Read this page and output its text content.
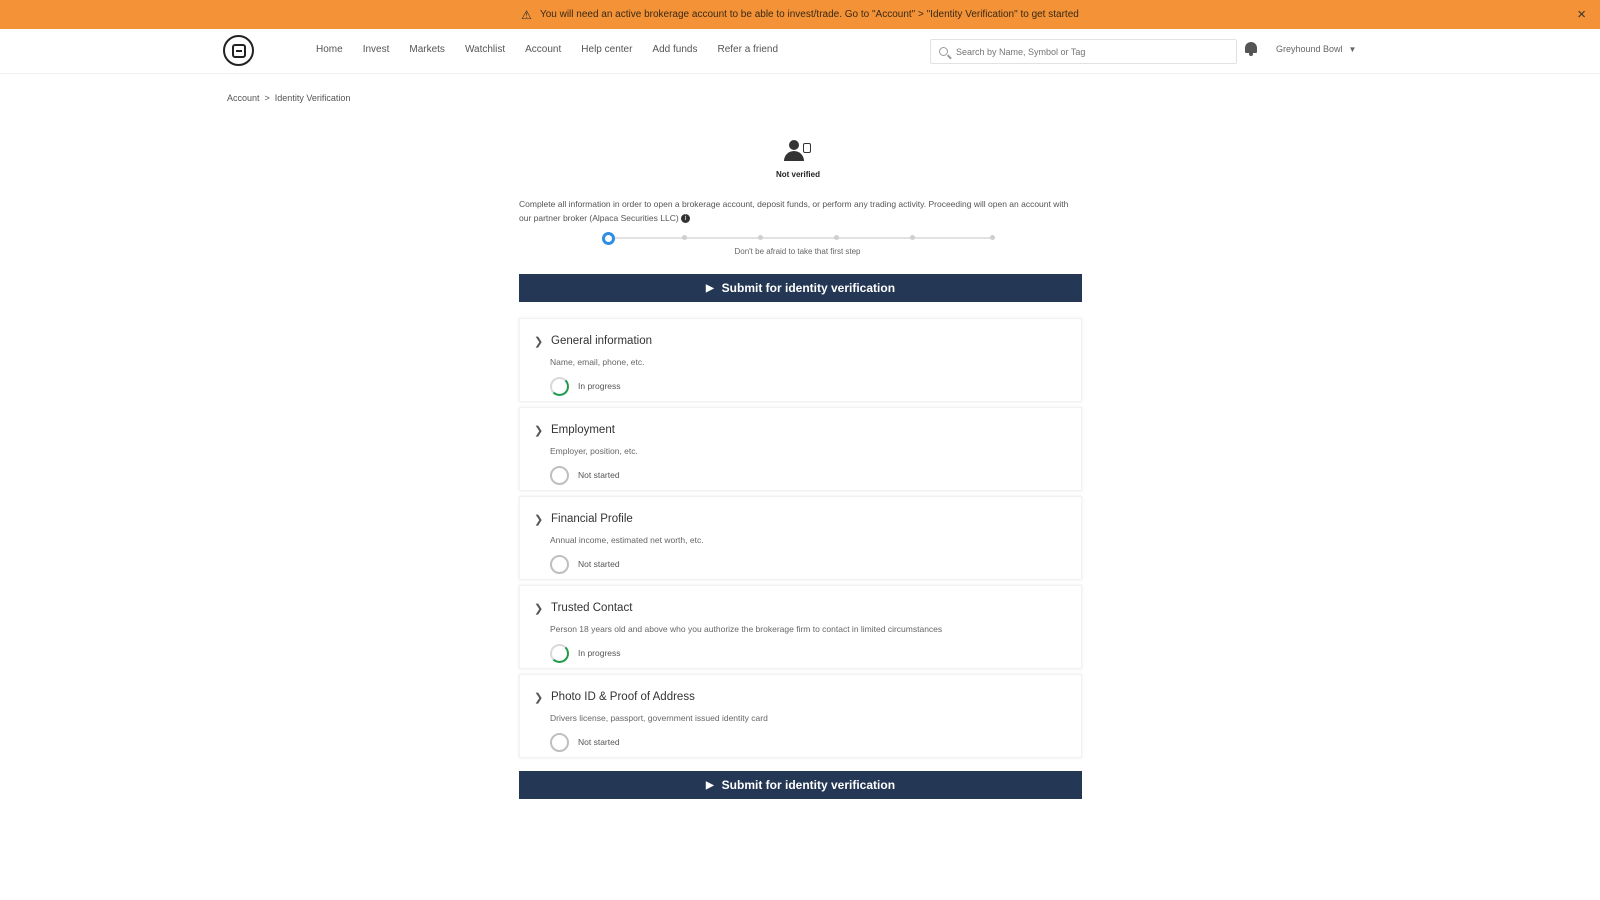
⚠ You will need an active brokerage account to be able to invest/trade. Go to "Account" > "Identity Verification" to get started	×
Home Invest Markets Watchlist Account Help center Add funds Refer a friend
Search by Name, Symbol or Tag	Greyhound Bowl ▼
Account > Identity Verification
Not verified
Complete all information in order to open a brokerage account, deposit funds, or perform any trading activity. Proceeding will open an account with our partner broker (Alpaca Securities LLC) i
Don't be afraid to take that first step
▶ Submit for identity verification
❯ General information
Name, email, phone, etc.
In progress
❯ Employment
Employer, position, etc.
Not started
❯ Financial Profile
Annual income, estimated net worth, etc.
Not started
❯ Trusted Contact
Person 18 years old and above who you authorize the brokerage firm to contact in limited circumstances
In progress
❯ Photo ID & Proof of Address
Drivers license, passport, government issued identity card
Not started
▶ Submit for identity verification
